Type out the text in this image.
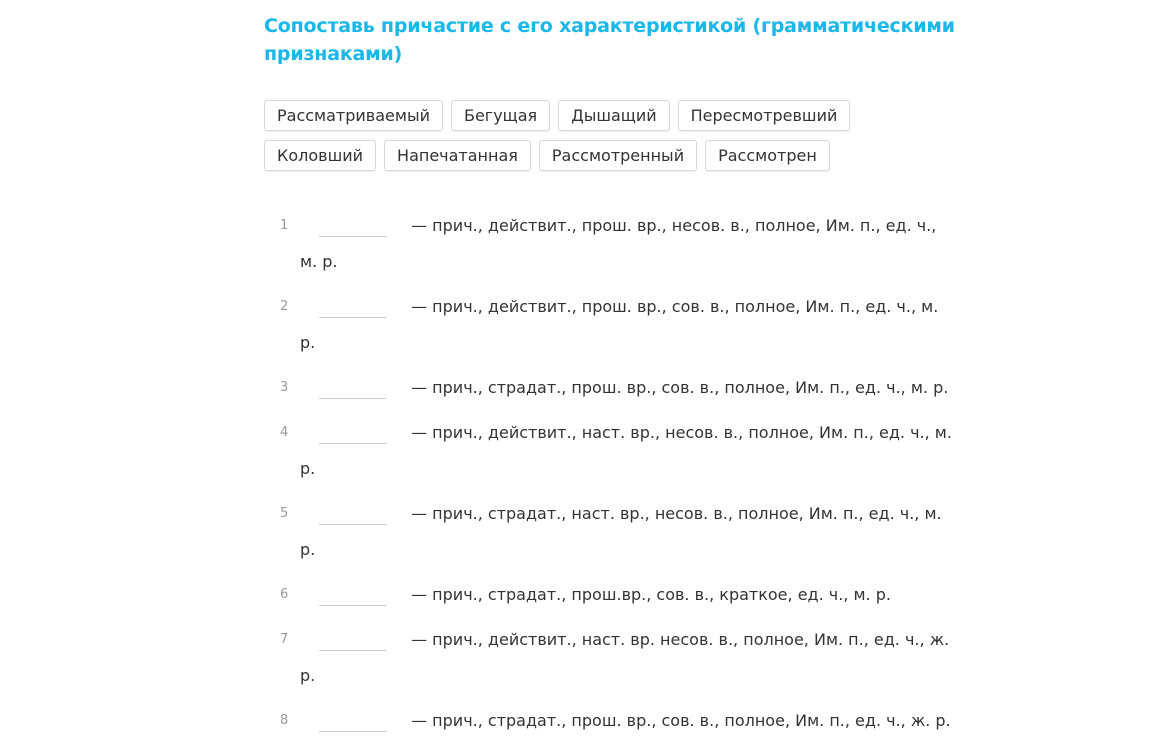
Сопоставь причастие с его характеристикой (грамматическими признаками)
Рассматриваемый	Бегущая	Дышащий	Пересмотревший
Коловший	Напечатанная	Рассмотренный	Рассмотрен
1	— прич., действит., прош. вр., несов. в., полное, Им. п., ед. ч., м. р.
2	— прич., действит., прош. вр., сов. в., полное, Им. п., ед. ч., м. р.
3	— прич., страдат., прош. вр., сов. в., полное, Им. п., ед. ч., м. р.
4	— прич., действит., наст. вр., несов. в., полное, Им. п., ед. ч., м. р.
5	— прич., страдат., наст. вр., несов. в., полное, Им. п., ед. ч., м. р.
6	— прич., страдат., прош.вр., сов. в., краткое, ед. ч., м. р.
7	— прич., действит., наст. вр. несов. в., полное, Им. п., ед. ч., ж. р.
8	— прич., страдат., прош. вр., сов. в., полное, Им. п., ед. ч., ж. р.
